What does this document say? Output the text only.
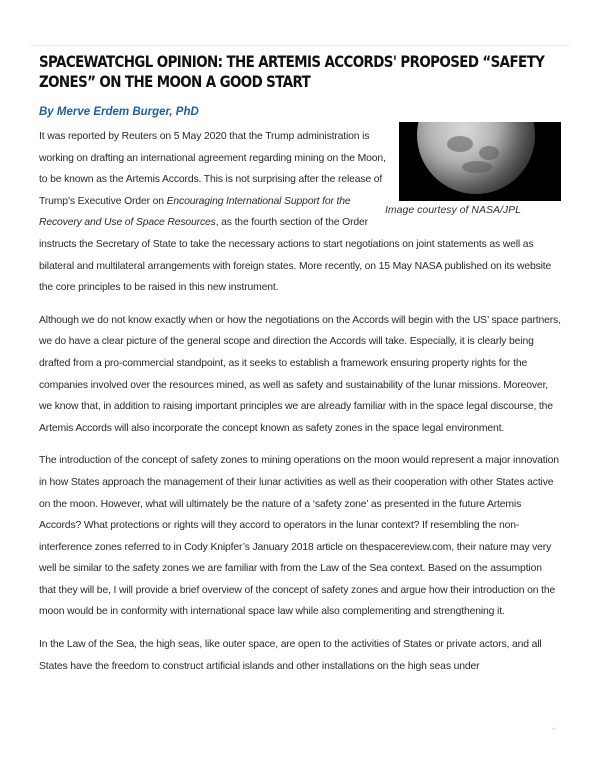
SPACEWATCHGL OPINION: THE ARTEMIS ACCORDS' PROPOSED “SAFETY ZONES” ON THE MOON A GOOD START
By Merve Erdem Burger, PhD
Image courtesy of NASA/JPL

It was reported by Reuters on 5 May 2020 that the Trump administration is working on drafting an international agreement regarding mining on the Moon, to be known as the Artemis Accords. This is not surprising after the release of Trump’s Executive Order on Encouraging International Support for the Recovery and Use of Space Resources, as the fourth section of the Order instructs the Secretary of State to take the necessary actions to start negotiations on joint statements as well as bilateral and multilateral arrangements with foreign states. More recently, on 15 May NASA published on its website the core principles to be raised in this new instrument.

Although we do not know exactly when or how the negotiations on the Accords will begin with the US’ space partners, we do have a clear picture of the general scope and direction the Accords will take. Especially, it is clearly being drafted from a pro-commercial standpoint, as it seeks to establish a framework ensuring property rights for the companies involved over the resources mined, as well as safety and sustainability of the lunar missions. Moreover, we know that, in addition to raising important principles we are already familiar with in the space legal discourse, the Artemis Accords will also incorporate the concept known as safety zones in the space legal environment.

The introduction of the concept of safety zones to mining operations on the moon would represent a major innovation in how States approach the management of their lunar activities as well as their cooperation with other States active on the moon. However, what will ultimately be the nature of a ‘safety zone’ as presented in the future Artemis Accords? What protections or rights will they accord to operators in the lunar context? If resembling the non-interference zones referred to in Cody Knipfer’s January 2018 article on thespacereview.com, their nature may very well be similar to the safety zones we are familiar with from the Law of the Sea context. Based on the assumption that they will be, I will provide a brief overview of the concept of safety zones and argue how their introduction on the moon would be in conformity with international space law while also complementing and strengthening it.

In the Law of the Sea, the high seas, like outer space, are open to the activities of States or private actors, and all States have the freedom to construct artificial islands and other installations on the high seas under

⌃
